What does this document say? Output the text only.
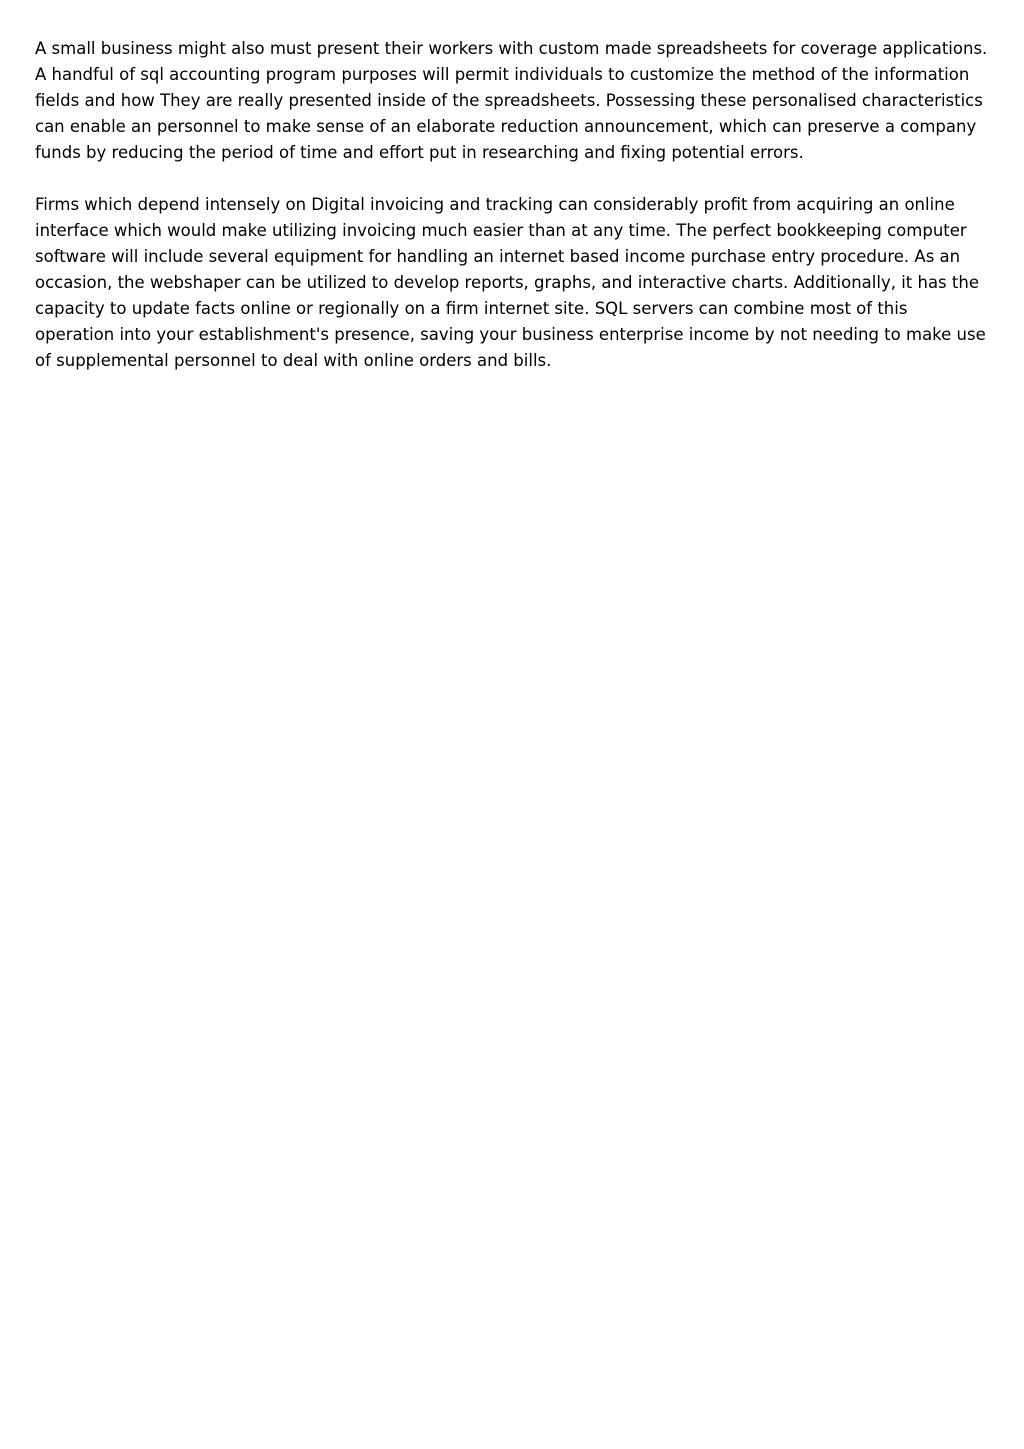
A small business might also must present their workers with custom made spreadsheets for coverage applications.
A handful of sql accounting program purposes will permit individuals to customize the method of the information
fields and how They are really presented inside of the spreadsheets. Possessing these personalised characteristics
can enable an personnel to make sense of an elaborate reduction announcement, which can preserve a company
funds by reducing the period of time and effort put in researching and fixing potential errors.

Firms which depend intensely on Digital invoicing and tracking can considerably profit from acquiring an online
interface which would make utilizing invoicing much easier than at any time. The perfect bookkeeping computer
software will include several equipment for handling an internet based income purchase entry procedure. As an
occasion, the webshaper can be utilized to develop reports, graphs, and interactive charts. Additionally, it has the
capacity to update facts online or regionally on a firm internet site. SQL servers can combine most of this
operation into your establishment's presence, saving your business enterprise income by not needing to make use
of supplemental personnel to deal with online orders and bills.
